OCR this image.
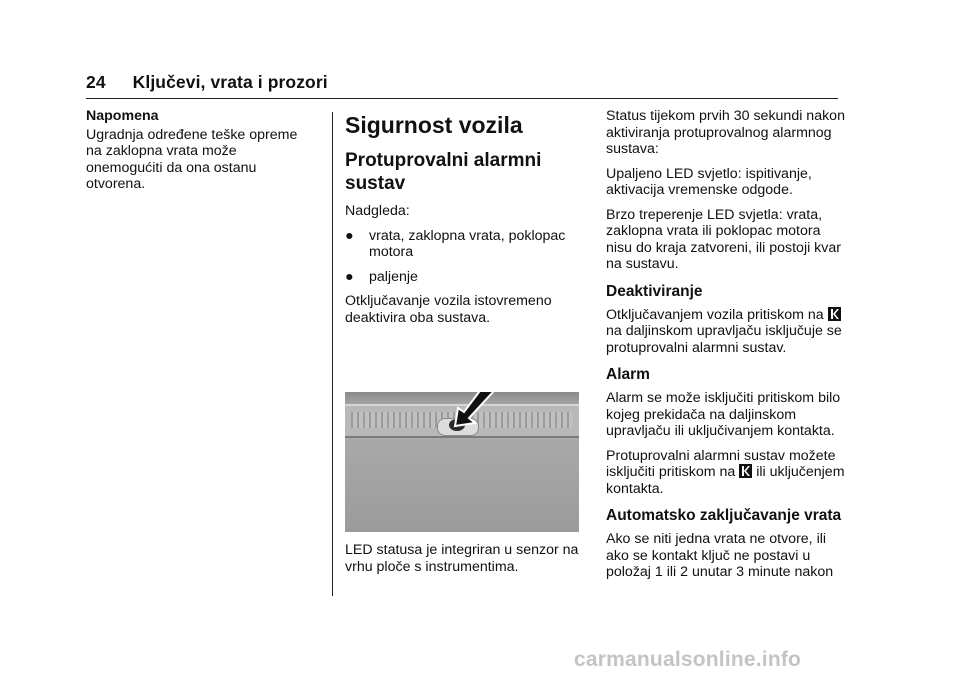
24 Ključevi, vrata i prozori

Napomena

Ugradnja određene teške opreme na zaklopna vrata može onemogućiti da ona ostanu otvorena.

Sigurnost vozila
Protuprovalni alarmni sustav

Nadgleda:

●	vrata, zaklopna vrata, poklopac motora
●	paljenje

Otključavanje vozila istovremeno deaktivira oba sustava.

LED statusa je integriran u senzor na vrhu ploče s instrumentima.

Status tijekom prvih 30 sekundi nakon aktiviranja protuprovalnog alarmnog sustava:

Upaljeno LED svjetlo: ispitivanje, aktivacija vremenske odgode.

Brzo treperenje LED svjetla: vrata, zaklopna vrata ili poklopac motora nisu do kraja zatvoreni, ili postoji kvar na sustavu.

Deaktiviranje

Otključavanjem vozila pritiskom na  na daljinskom upravljaču isključuje se protuprovalni alarmni sustav.

Alarm

Alarm se može isključiti pritiskom bilo kojeg prekidača na daljinskom upravljaču ili uključivanjem kontakta.

Protuprovalni alarmni sustav možete isključiti pritiskom na ili uključenjem kontakta.

Automatsko zaključavanje vrata

Ako se niti jedna vrata ne otvore, ili ako se kontakt ključ ne postavi u položaj 1 ili 2 unutar 3 minute nakon

carmanualsonline.info
